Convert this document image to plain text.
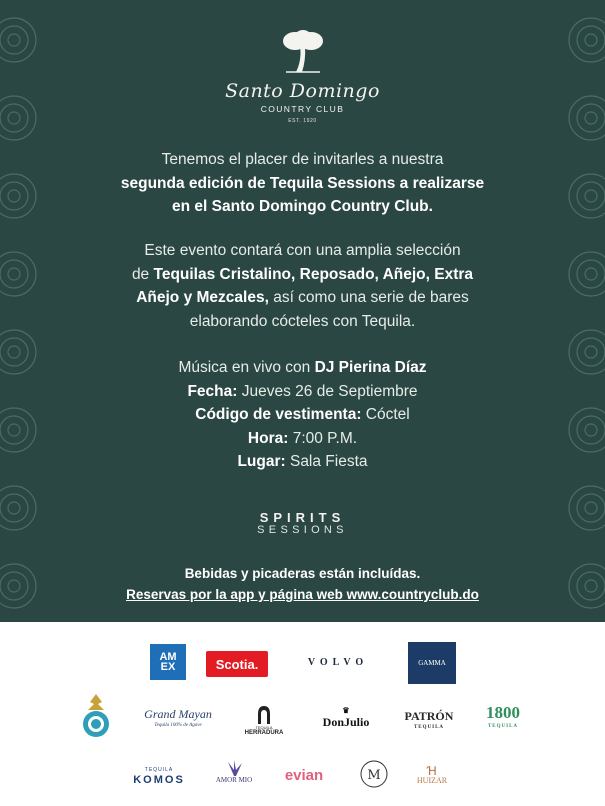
Santo Domingo
COUNTRY CLUB
EST. 1920
Tenemos el placer de invitarles a nuestra
segunda edición de Tequila Sessions a realizarse
en el Santo Domingo Country Club.
Este evento contará con una amplia selección
de Tequilas Cristalino, Reposado, Añejo, Extra
Añejo y Mezcales, así como una serie de bares
elaborando cócteles con Tequila.
Música en vivo con DJ Pierina Díaz
Fecha: Jueves 26 de Septiembre
Código de vestimenta: Cóctel
Hora: 7:00 P.M.
Lugar: Sala Fiesta
SPIRITS
SESSIONS
Bebidas y picaderas están incluídas.
Reservas por la app y página web www.countryclub.do
AM
EX	Scotia.	VOLVO	GAMMA
Grand Mayan
Tequila 100% de Agave	TEQUILA
HERRADURA
♛
DonJulio	PATRÓN
TEQUILA
1800
TEQUILA
TEQUILA
KOMOS	AMOR MIO	evian	M	Ɦ
HUIZAR
